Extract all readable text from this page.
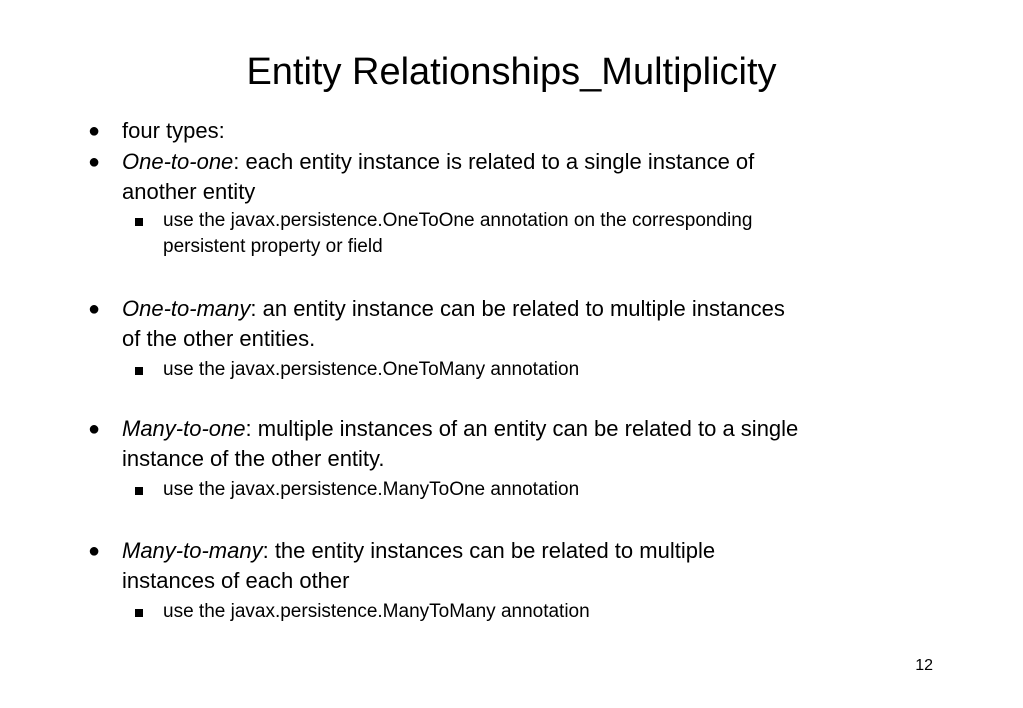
Entity Relationships_Multiplicity
● four types:
● One-to-one: each entity instance is related to a single instance of
another entity
use the javax.persistence.OneToOne annotation on the corresponding
persistent property or field
● One-to-many: an entity instance can be related to multiple instances
of the other entities.
use the javax.persistence.OneToMany annotation
● Many-to-one: multiple instances of an entity can be related to a single
instance of the other entity.
use the javax.persistence.ManyToOne annotation
● Many-to-many: the entity instances can be related to multiple
instances of each other
use the javax.persistence.ManyToMany annotation
12
